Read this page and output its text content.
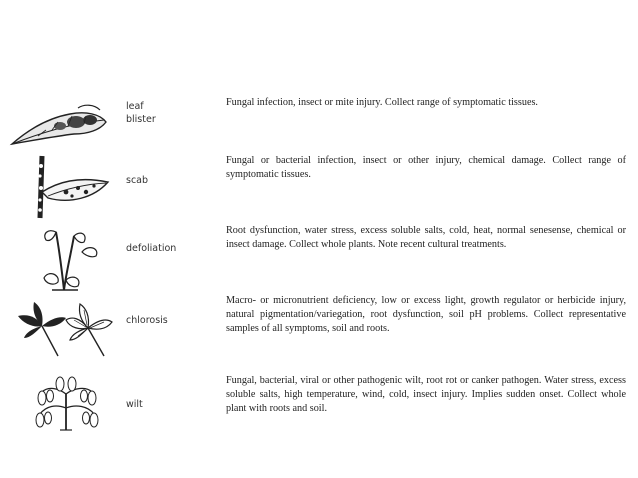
leaf
blister
Fungal infection, insect or mite injury. Collect range of symptomatic tissues.
scab
Fungal or bacterial infection, insect or other injury, chemical damage. Collect range of symptomatic tissues.
defoliation
Root dysfunction, water stress, excess soluble salts, cold, heat, normal senesense, chemical or insect damage. Collect whole plants. Note recent cultural treatments.
chlorosis
Macro- or micronutrient deficiency, low or excess light, growth regulator or herbicide injury, natural pigmentation/variegation, root dysfunction, soil pH problems. Collect representative samples of all symptoms, soil and roots.
wilt
Fungal, bacterial, viral or other pathogenic wilt, root rot or canker pathogen. Water stress, excess soluble salts, high temperature, wind, cold, insect injury. Implies sudden onset. Collect whole plant with roots and soil.
